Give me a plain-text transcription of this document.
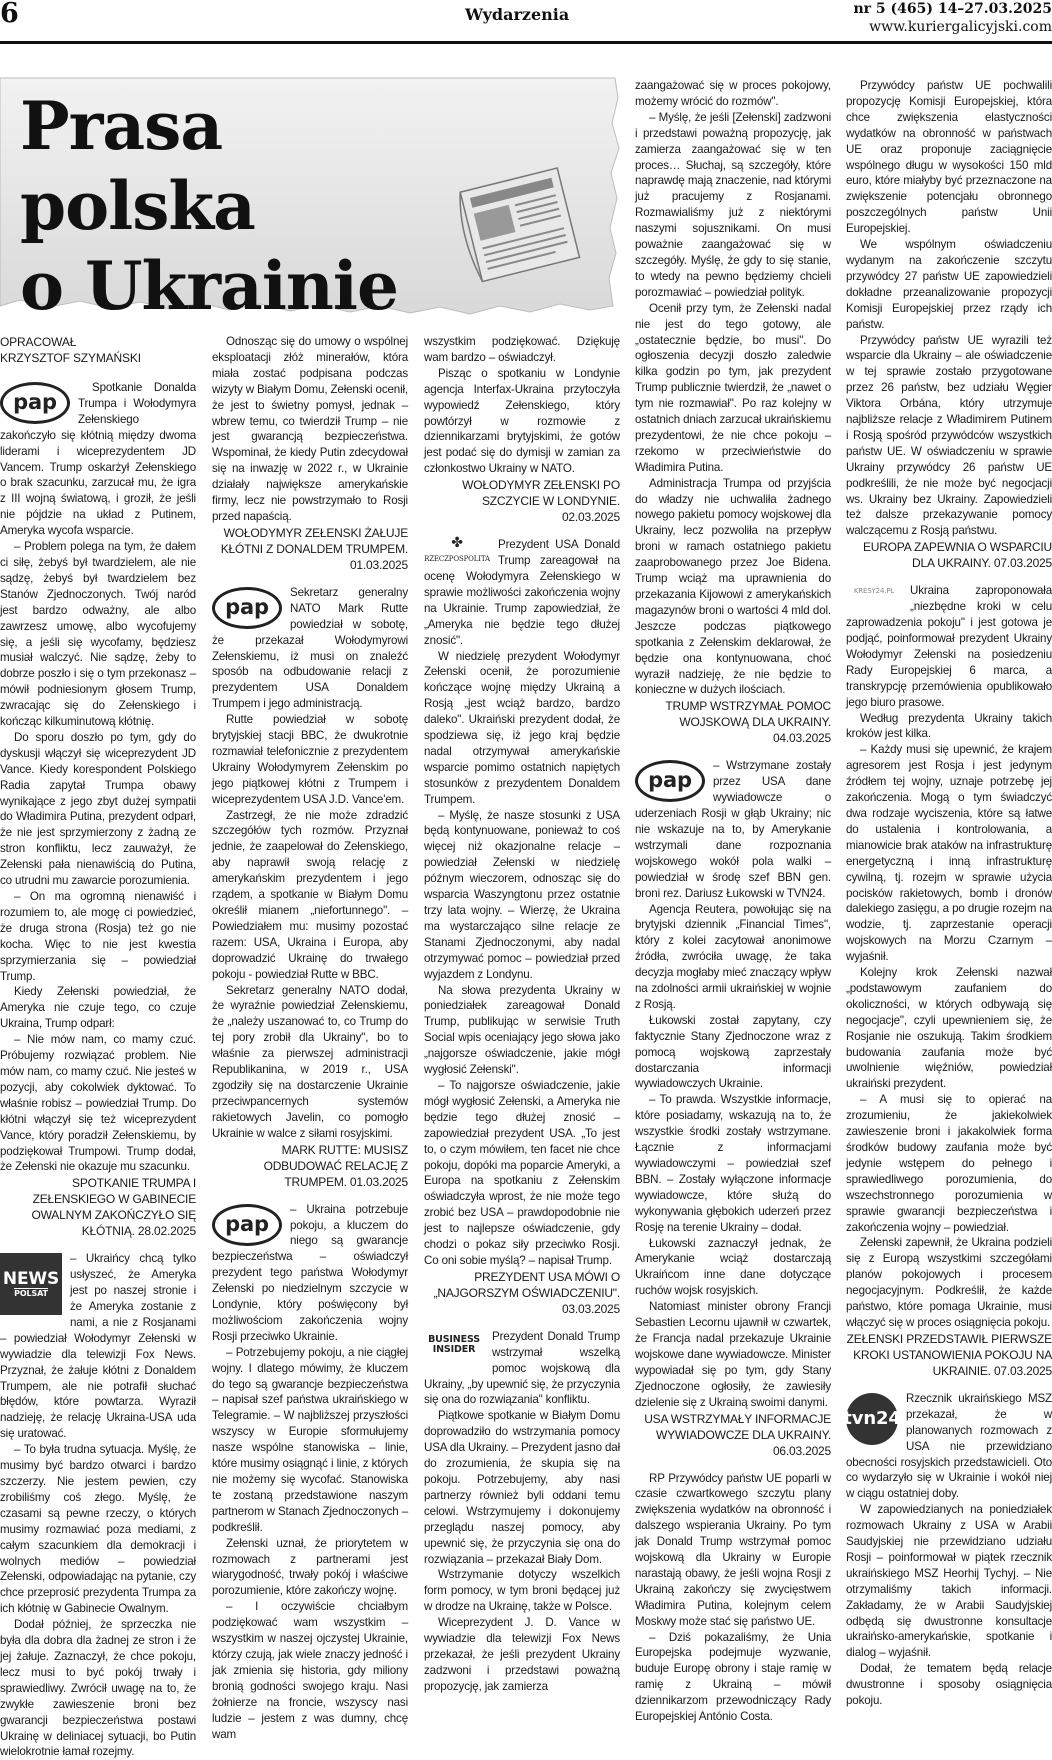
6	Wydarzenia	nr 5 (465) 14–27.03.2025
www.kuriergalicyjski.com
Prasa polska
o Ukrainie
OPRACOWAŁ
KRZYSZTOF SZYMAŃSKI
pap

Spotkanie Donalda Trumpa i Wołodymyra Zełenskiego zakończyło się kłótnią między dwoma liderami i wiceprezydentem JD Vancem. Trump oskarżył Zełenskiego o brak szacunku, zarzucał mu, że igra z III wojną światową, i groził, że jeśli nie pójdzie na układ z Putinem, Ameryka wycofa wsparcie.

– Problem polega na tym, że dałem ci siłę, żebyś był twardzielem, ale nie sądzę, żebyś był twardzielem bez Stanów Zjednoczonych. Twój naród jest bardzo odważny, ale albo zawrzesz umowę, albo wycofujemy się, a jeśli się wycofamy, będziesz musiał walczyć. Nie sądzę, żeby to dobrze poszło i się o tym przekonasz – mówił podniesionym głosem Trump, zwracając się do Zełenskiego i kończąc kilkuminutową kłótnię.

Do sporu doszło po tym, gdy do dyskusji włączył się wiceprezydent JD Vance. Kiedy korespondent Polskiego Radia zapytał Trumpa obawy wynikające z jego zbyt dużej sympatii do Władimira Putina, prezydent odparł, że nie jest sprzymierzony z żadną ze stron konfliktu, lecz zauważył, że Zełenski pała nienawiścią do Putina, co utrudni mu zawarcie porozumienia.

– On ma ogromną nienawiść i rozumiem to, ale mogę ci powiedzieć, że druga strona (Rosja) też go nie kocha. Więc to nie jest kwestia sprzymierzania się – powiedział Trump.

Kiedy Zełenski powiedział, że Ameryka nie czuje tego, co czuje Ukraina, Trump odparł:

– Nie mów nam, co mamy czuć. Próbujemy rozwiązać problem. Nie mów nam, co mamy czuć. Nie jesteś w pozycji, aby cokolwiek dyktować. To właśnie robisz – powiedział Trump. Do kłótni włączył się też wiceprezydent Vance, który poradził Zełenskiemu, by podziękował Trumpowi. Trump dodał, że Zełenski nie okazuje mu szacunku.

SPOTKANIE TRUMPA I ZEŁENSKIEGO W GABINECIE OWALNYM ZAKOŃCZYŁO SIĘ KŁÓTNIĄ. 28.02.2025
NEWS
POLSAT

– Ukraińcy chcą tylko usłyszeć, że Ameryka jest po naszej stronie i że Ameryka zostanie z nami, a nie z Rosjanami – powiedział Wołodymyr Zełenski w wywiadzie dla telewizji Fox News. Przyznał, że żałuje kłótni z Donaldem Trumpem, ale nie potrafił słuchać błędów, które powtarza. Wyraził nadzieję, że relację Ukraina-USA uda się uratować.

– To była trudna sytuacja. Myślę, że musimy być bardzo otwarci i bardzo szczerzy. Nie jestem pewien, czy zrobiliśmy coś złego. Myślę, że czasami są pewne rzeczy, o których musimy rozmawiać poza mediami, z całym szacunkiem dla demokracji i wolnych mediów – powiedział Zełenski, odpowiadając na pytanie, czy chce przeprosić prezydenta Trumpa za ich kłótnię w Gabinecie Owalnym.

Dodał później, że sprzeczka nie była dla dobra dla żadnej ze stron i że jej żałuje. Zaznaczył, że chce pokoju, lecz musi to być pokój trwały i sprawiedliwy. Zwrócił uwagę na to, że zwykłe zawieszenie broni bez gwarancji bezpieczeństwa postawi Ukrainę w deliniacej sytuacji, bo Putin wielokrotnie łamał rozejmy.

Odnosząc się do umowy o wspólnej eksploatacji złóż minerałów, która miała zostać podpisana podczas wizyty w Białym Domu, Zełenski ocenił, że jest to świetny pomysł, jednak – wbrew temu, co twierdził Trump – nie jest gwarancją bezpieczeństwa. Wspominał, że kiedy Putin zdecydował się na inwazję w 2022 r., w Ukrainie działały największe amerykańskie firmy, lecz nie powstrzymało to Rosji przed napaścią.

WOŁODYMYR ZEŁENSKI ŻAŁUJE KŁÓTNI Z DONALDEM TRUMPEM. 01.03.2025
pap

Sekretarz generalny NATO Mark Rutte powiedział w sobotę, że przekazał Wołodymyrowi Zełenskiemu, iż musi on znaleźć sposób na odbudowanie relacji z prezydentem USA Donaldem Trumpem i jego administracją.

Rutte powiedział w sobotę brytyjskiej stacji BBC, że dwukrotnie rozmawiał telefonicznie z prezydentem Ukrainy Wołodymyrem Zełenskim po jego piątkowej kłótni z Trumpem i wiceprezydentem USA J.D. Vance'em.

Zastrzegł, że nie może zdradzić szczegółów tych rozmów. Przyznał jednie, że zaapelował do Zełenskiego, aby naprawił swoją relację z amerykańskim prezydentem i jego rządem, a spotkanie w Białym Domu określił mianem „niefortunnego". – Powiedziałem mu: musimy pozostać razem: USA, Ukraina i Europa, aby doprowadzić Ukrainę do trwałego pokoju - powiedział Rutte w BBC.

Sekretarz generalny NATO dodał, że wyraźnie powiedział Zełenskiemu, że „należy uszanować to, co Trump do tej pory zrobił dla Ukrainy", bo to właśnie za pierwszej administracji Republikanina, w 2019 r., USA zgodziły się na dostarczenie Ukrainie przeciwpancernych systemów rakietowych Javelin, co pomogło Ukrainie w walce z siłami rosyjskimi.

MARK RUTTE: MUSISZ ODBUDOWAĆ RELACJĘ Z TRUMPEM. 01.03.2025
pap

– Ukraina potrzebuje pokoju, a kluczem do niego są gwarancje bezpieczeństwa – oświadczył prezydent tego państwa Wołodymyr Zełenski po niedzielnym szczycie w Londynie, który poświęcony był możliwościom zakończenia wojny Rosji przeciwko Ukrainie.

– Potrzebujemy pokoju, a nie ciągłej wojny. I dlatego mówimy, że kluczem do tego są gwarancje bezpieczeństwa – napisał szef państwa ukraińskiego w Telegramie. – W najbliższej przyszłości wszyscy w Europie sformułujemy nasze wspólne stanowiska – linie, które musimy osiągnąć i linie, z których nie możemy się wycofać. Stanowiska te zostaną przedstawione naszym partnerom w Stanach Zjednoczonych – podkreślił.

Zełenski uznał, że priorytetem w rozmowach z partnerami jest wiarygodność, trwały pokój i właściwe porozumienie, które zakończy wojnę.

– I oczywiście chciałbym podziękować wam wszystkim – wszystkim w naszej ojczystej Ukrainie, którzy czują, jak wiele znaczy jedność i jak zmienia się historia, gdy miliony bronią godności swojego kraju. Nasi żołnierze na froncie, wszyscy nasi ludzie – jestem z was dumny, chcę wam

wszystkim podziękować. Dziękuję wam bardzo – oświadczył.

Pisząc o spotkaniu w Londynie agencja Interfax-Ukraina przytoczyła wypowiedź Zełenskiego, który powtórzył w rozmowie z dziennikarzami brytyjskimi, że gotów jest podać się do dymisji w zamian za członkostwo Ukrainy w NATO.

WOŁODYMYR ZEŁENSKI PO SZCZYCIE W LONDYNIE. 02.03.2025
✤
RZECZPOSPOLITA

Prezydent USA Donald Trump zareagował na ocenę Wołodymyra Zełenskiego w sprawie możliwości zakończenia wojny na Ukrainie. Trump zapowiedział, że „Ameryka nie będzie tego dłużej znosić".

W niedzielę prezydent Wołodymyr Zełenski ocenił, że porozumienie kończące wojnę między Ukrainą a Rosją „jest wciąż bardzo, bardzo daleko". Ukraiński prezydent dodał, że spodziewa się, iż jego kraj będzie nadal otrzymywał amerykańskie wsparcie pomimo ostatnich napiętych stosunków z prezydentem Donaldem Trumpem.

– Myślę, że nasze stosunki z USA będą kontynuowane, ponieważ to coś więcej niż okazjonalne relacje – powiedział Zełenski w niedzielę późnym wieczorem, odnosząc się do wsparcia Waszyngtonu przez ostatnie trzy lata wojny. – Wierzę, że Ukraina ma wystarczająco silne relacje ze Stanami Zjednoczonymi, aby nadal otrzymywać pomoc – powiedział przed wyjazdem z Londynu.

Na słowa prezydenta Ukrainy w poniedziałek zareagował Donald Trump, publikując w serwisie Truth Social wpis oceniający jego słowa jako „najgorsze oświadczenie, jakie mógł wygłosić Zełenski".

– To najgorsze oświadczenie, jakie mógł wygłosić Zełenski, a Ameryka nie będzie tego dłużej znosić – zapowiedział prezydent USA. „To jest to, o czym mówiłem, ten facet nie chce pokoju, dopóki ma poparcie Ameryki, a Europa na spotkaniu z Zełenskim oświadczyła wprost, że nie może tego zrobić bez USA – prawdopodobnie nie jest to najlepsze oświadczenie, gdy chodzi o pokaz siły przeciwko Rosji. Co oni sobie myślą? – napisał Trump.

PREZYDENT USA MÓWI O „NAJGORSZYM OŚWIADCZENIU". 03.03.2025
BUSINESS
INSIDER

Prezydent Donald Trump wstrzymał wszelką pomoc wojskową dla Ukrainy, „by upewnić się, że przyczynia się ona do rozwiązania" konfliktu.

Piątkowe spotkanie w Białym Domu doprowadziło do wstrzymania pomocy USA dla Ukrainy. – Prezydent jasno dał do zrozumienia, że skupia się na pokoju. Potrzebujemy, aby nasi partnerzy również byli oddani temu celowi. Wstrzymujemy i dokonujemy przeglądu naszej pomocy, aby upewnić się, że przyczynia się ona do rozwiązania – przekazał Biały Dom.

Wstrzymanie dotyczy wszelkich form pomocy, w tym broni będącej już w drodze na Ukrainę, także w Polsce.

Wiceprezydent J. D. Vance w wywiadzie dla telewizji Fox News przekazał, że jeśli prezydent Ukrainy zadzwoni i przedstawi poważną propozycję, jak zamierza

zaangażować się w proces pokojowy, możemy wrócić do rozmów".

– Myślę, że jeśli [Zełenski] zadzwoni i przedstawi poważną propozycję, jak zamierza zaangażować się w ten proces… Słuchaj, są szczegóły, które naprawdę mają znaczenie, nad którymi już pracujemy z Rosjanami. Rozmawialiśmy już z niektórymi naszymi sojusznikami. On musi poważnie zaangażować się w szczegóły. Myślę, że gdy to się stanie, to wtedy na pewno będziemy chcieli porozmawiać – powiedział polityk.

Ocenił przy tym, że Zełenski nadal nie jest do tego gotowy, ale „ostatecznie będzie, bo musi". Do ogłoszenia decyzji doszło zaledwie kilka godzin po tym, jak prezydent Trump publicznie twierdził, że „nawet o tym nie rozmawiał". Po raz kolejny w ostatnich dniach zarzucał ukraińskiemu prezydentowi, że nie chce pokoju – rzekomo w przeciwieństwie do Władimira Putina.

Administracja Trumpa od przyjścia do władzy nie uchwaliła żadnego nowego pakietu pomocy wojskowej dla Ukrainy, lecz pozwoliła na przepływ broni w ramach ostatniego pakietu zaaprobowanego przez Joe Bidena. Trump wciąż ma uprawnienia do przekazania Kijowowi z amerykańskich magazynów broni o wartości 4 mld dol. Jeszcze podczas piątkowego spotkania z Zełenskim deklarował, że będzie ona kontynuowana, choć wyraził nadzieję, że nie będzie to konieczne w dużych ilościach.

TRUMP WSTRZYMAŁ POMOC WOJSKOWĄ DLA UKRAINY. 04.03.2025
pap

– Wstrzymane zostały przez USA dane wywiadowcze o uderzeniach Rosji w głąb Ukrainy; nic nie wskazuje na to, by Amerykanie wstrzymali dane rozpoznania wojskowego wokół pola walki – powiedział w środę szef BBN gen. broni rez. Dariusz Łukowski w TVN24.

Agencja Reutera, powołując się na brytyjski dziennik „Financial Times", który z kolei zacytował anonimowe źródła, zwróciła uwagę, że taka decyzja mogłaby mieć znaczący wpływ na zdolności armii ukraińskiej w wojnie z Rosją.

Łukowski został zapytany, czy faktycznie Stany Zjednoczone wraz z pomocą wojskową zaprzestały dostarczania informacji wywiadowczych Ukrainie.

– To prawda. Wszystkie informacje, które posiadamy, wskazują na to, że wszystkie środki zostały wstrzymane. Łącznie z informacjami wywiadowczymi – powiedział szef BBN. – Zostały wyłączone informacje wywiadowcze, które służą do wykonywania głębokich uderzeń przez Rosję na terenie Ukrainy – dodał.

Łukowski zaznaczył jednak, że Amerykanie wciąż dostarczają Ukraińcom inne dane dotyczące ruchów wojsk rosyjskich.

Natomiast minister obrony Francji Sebastien Lecornu ujawnił w czwartek, że Francja nadal przekazuje Ukrainie wojskowe dane wywiadowcze. Minister wypowiadał się po tym, gdy Stany Zjednoczone ogłosiły, że zawiesiły dzielenie się z Ukrainą swoimi danymi.

USA WSTRZYMAŁY INFORMACJE WYWIADOWCZE DLA UKRAINY. 06.03.2025

RP Przywódcy państw UE poparli w czasie czwartkowego szczytu plany zwiększenia wydatków na obronność i dalszego wspierania Ukrainy. Po tym jak Donald Trump wstrzymał pomoc wojskową dla Ukrainy w Europie narastają obawy, że jeśli wojna Rosji z Ukrainą zakończy się zwycięstwem Władimira Putina, kolejnym celem Moskwy może stać się państwo UE.

– Dziś pokazaliśmy, że Unia Europejska podejmuje wyzwanie, buduje Europę obrony i staje ramię w ramię z Ukrainą – mówił dziennikarzom przewodniczący Rady Europejskiej António Costa.

Przywódcy państw UE pochwalili propozycję Komisji Europejskiej, która chce zwiększenia elastyczności wydatków na obronność w państwach UE oraz proponuje zaciągnięcie wspólnego długu w wysokości 150 mld euro, które miałyby być przeznaczone na zwiększenie potencjału obronnego poszczególnych państw Unii Europejskiej.

We wspólnym oświadczeniu wydanym na zakończenie szczytu przywódcy 27 państw UE zapowiedzieli dokładne przeanalizowanie propozycji Komisji Europejskiej przez rządy ich państw.

Przywódcy państw UE wyrazili też wsparcie dla Ukrainy – ale oświadczenie w tej sprawie zostało przygotowane przez 26 państw, bez udziału Węgier Viktora Orbána, który utrzymuje najbliższe relacje z Władimirem Putinem i Rosją spośród przywódców wszystkich państw UE. W oświadczeniu w sprawie Ukrainy przywódcy 26 państw UE podkreślili, że nie może być negocjacji ws. Ukrainy bez Ukrainy. Zapowiedzieli też dalsze przekazywanie pomocy walczącemu z Rosją państwu.

EUROPA ZAPEWNIA O WSPARCIU DLA UKRAINY. 07.03.2025
KRESY24.PL	Ukraina zaproponowała „niezbędne kroki w celu zaprowadzenia pokoju" i jest gotowa je podjąć, poinformował prezydent Ukrainy Wołodymyr Zełenski na posiedzeniu Rady Europejskiej 6 marca, a transkrypcję przemówienia opublikowało jego biuro prasowe.

Według prezydenta Ukrainy takich kroków jest kilka.

– Każdy musi się upewnić, że krajem agresorem jest Rosja i jest jedynym źródłem tej wojny, uznaje potrzebę jej zakończenia. Mogą o tym świadczyć dwa rodzaje wyciszenia, które są łatwe do ustalenia i kontrolowania, a mianowicie brak ataków na infrastrukturę energetyczną i inną infrastrukturę cywilną, tj. rozejm w sprawie użycia pocisków rakietowych, bomb i dronów dalekiego zasięgu, a po drugie rozejm na wodzie, tj. zaprzestanie operacji wojskowych na Morzu Czarnym – wyjaśnił.

Kolejny krok Zełenski nazwał „podstawowym zaufaniem do okoliczności, w których odbywają się negocjacje", czyli upewnieniem się, że Rosjanie nie oszukują. Takim środkiem budowania zaufania może być uwolnienie więźniów, powiedział ukraiński prezydent.

– A musi się to opierać na zrozumieniu, że jakiekolwiek zawieszenie broni i jakakolwiek forma środków budowy zaufania może być jedynie wstępem do pełnego i sprawiedliwego porozumienia, do wszechstronnego porozumienia w sprawie gwarancji bezpieczeństwa i zakończenia wojny – powiedział.

Zełenski zapewnił, że Ukraina podzieli się z Europą wszystkimi szczegółami planów pokojowych i procesem negocjacyjnym. Podkreślił, że każde państwo, które pomaga Ukrainie, musi włączyć się w proces osiągnięcia pokoju.

ZEŁENSKI PRZEDSTAWIŁ PIERWSZE KROKI USTANOWIENIA POKOJU NA UKRAINIE. 07.03.2025
tvn24

Rzecznik ukraińskiego MSZ przekazał, że w planowanych rozmowach z USA nie przewidziano obecności rosyjskich przedstawicieli. Oto co wydarzyło się w Ukrainie i wokół niej w ciągu ostatniej doby.

W zapowiedzianych na poniedziałek rozmowach Ukrainy z USA w Arabii Saudyjskiej nie przewidziano udziału Rosji – poinformował w piątek rzecznik ukraińskiego MSZ Heorhij Tychyj. – Nie otrzymaliśmy takich informacji. Zakładamy, że w Arabii Saudyjskiej odbędą się dwustronne konsultacje ukraińsko-amerykańskie, spotkanie i dialog – wyjaśnił.

Dodał, że tematem będą relacje dwustronne i sposoby osiągnięcia pokoju.
